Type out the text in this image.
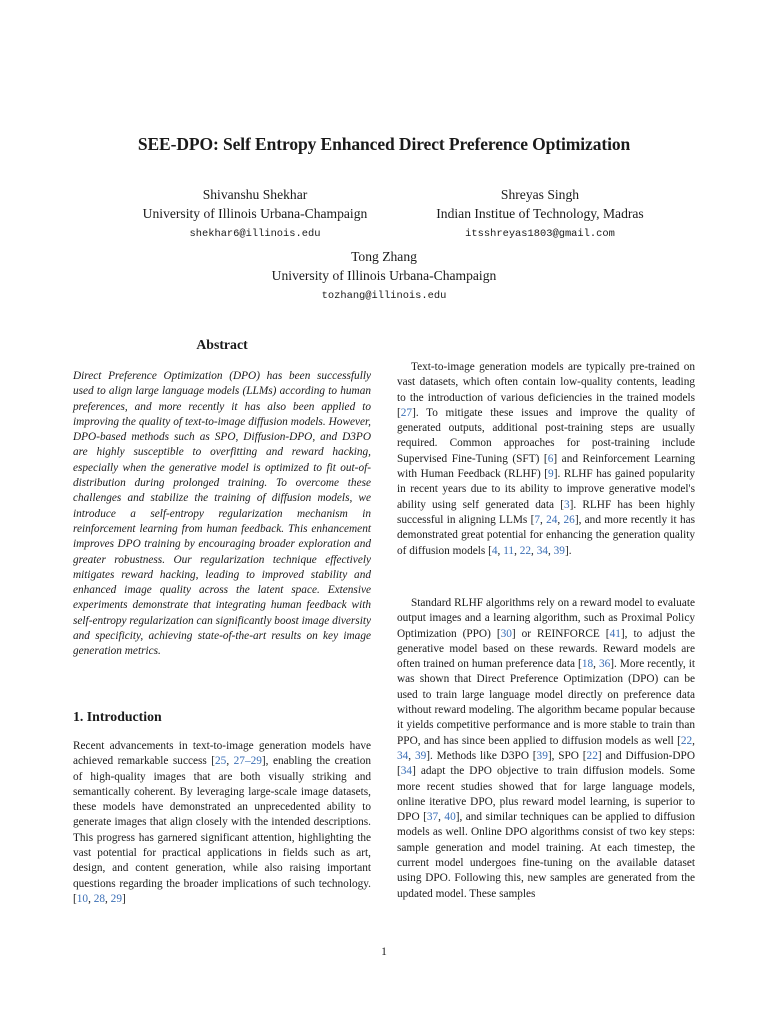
SEE-DPO: Self Entropy Enhanced Direct Preference Optimization
Shivanshu Shekhar
University of Illinois Urbana-Champaign
shekhar6@illinois.edu
Shreyas Singh
Indian Institue of Technology, Madras
itsshreyas1803@gmail.com
Tong Zhang
University of Illinois Urbana-Champaign
tozhang@illinois.edu
Abstract

Direct Preference Optimization (DPO) has been successfully used to align large language models (LLMs) according to human preferences, and more recently it has also been applied to improving the quality of text-to-image diffusion models. However, DPO-based methods such as SPO, Diffusion-DPO, and D3PO are highly susceptible to overfitting and reward hacking, especially when the generative model is optimized to fit out-of-distribution during prolonged training. To overcome these challenges and stabilize the training of diffusion models, we introduce a self-entropy regularization mechanism in reinforcement learning from human feedback. This enhancement improves DPO training by encouraging broader exploration and greater robustness. Our regularization technique effectively mitigates reward hacking, leading to improved stability and enhanced image quality across the latent space. Extensive experiments demonstrate that integrating human feedback with self-entropy regularization can significantly boost image diversity and specificity, achieving state-of-the-art results on key image generation metrics.

1. Introduction

Recent advancements in text-to-image generation models have achieved remarkable success [25, 27–29], enabling the creation of high-quality images that are both visually striking and semantically coherent. By leveraging large-scale image datasets, these models have demonstrated an unprecedented ability to generate images that align closely with the intended descriptions. This progress has garnered significant attention, highlighting the vast potential for practical applications in fields such as art, design, and content generation, while also raising important questions regarding the broader implications of such technology. [10, 28, 29]

Text-to-image generation models are typically pre-trained on vast datasets, which often contain low-quality contents, leading to the introduction of various deficiencies in the trained models [27]. To mitigate these issues and improve the quality of generated outputs, additional post-training steps are usually required. Common approaches for post-training include Supervised Fine-Tuning (SFT) [6] and Reinforcement Learning with Human Feedback (RLHF) [9]. RLHF has gained popularity in recent years due to its ability to improve generative model's ability using self generated data [3]. RLHF has been highly successful in aligning LLMs [7, 24, 26], and more recently it has demonstrated great potential for enhancing the generation quality of diffusion models [4, 11, 22, 34, 39].

Standard RLHF algorithms rely on a reward model to evaluate output images and a learning algorithm, such as Proximal Policy Optimization (PPO) [30] or REINFORCE [41], to adjust the generative model based on these rewards. Reward models are often trained on human preference data [18, 36]. More recently, it was shown that Direct Preference Optimization (DPO) can be used to train large language model directly on preference data without reward modeling. The algorithm became popular because it yields competitive performance and is more stable to train than PPO, and has since been applied to diffusion models as well [22, 34, 39]. Methods like D3PO [39], SPO [22] and Diffusion-DPO [34] adapt the DPO objective to train diffusion models. Some more recent studies showed that for large language models, online iterative DPO, plus reward model learning, is superior to DPO [37, 40], and similar techniques can be applied to diffusion models as well. Online DPO algorithms consist of two key steps: sample generation and model training. At each timestep, the current model undergoes fine-tuning on the available dataset using DPO. Following this, new samples are generated from the updated model. These samples

1
